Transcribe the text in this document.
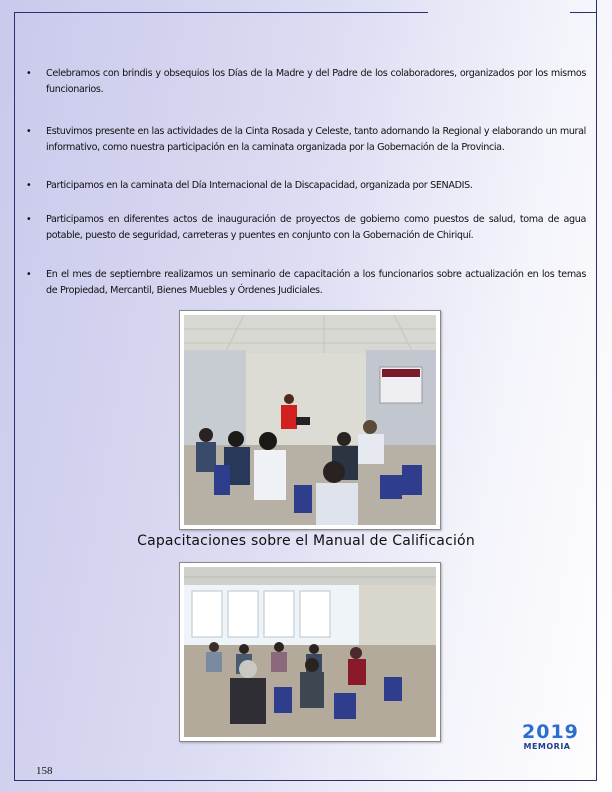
• Celebramos con brindis y obsequios los Días de la Madre y del Padre de los colaboradores, organizados por los mismos funcionarios.
• Estuvimos presente en las actividades de la Cinta Rosada y Celeste, tanto adornando la Regional y elaborando un mural informativo, como nuestra participación en la caminata organizada por la Gobernación de la Provincia.
• Participamos en la caminata del Día Internacional de la Discapacidad, organizada por SENADIS.
• Participamos en diferentes actos de inauguración de proyectos de gobierno como puestos de salud, toma de agua potable, puesto de seguridad, carreteras y puentes en conjunto con la Gobernación de Chiriquí.
• En el mes de septiembre realizamos un seminario de capacitación a los funcionarios sobre actualización en los temas de Propiedad, Mercantil, Bienes Muebles y Órdenes Judiciales.
Capacitaciones sobre el Manual de Calificación
158
2019
MEMORIA
